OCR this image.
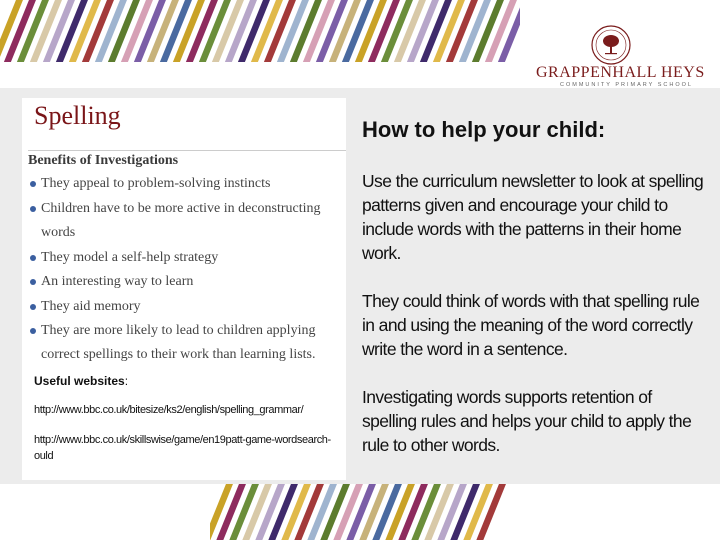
GRAPPENHALL HEYS
COMMUNITY PRIMARY SCHOOL
Spelling
Benefits of Investigations
They appeal to problem-solving instincts
Children have to be more active in deconstructing words
They model a self-help strategy
An interesting way to learn
They aid memory
They are more likely to lead to children applying correct spellings to their work than learning lists.
Useful websites:
http://www.bbc.co.uk/bitesize/ks2/english/spelling_grammar/
http://www.bbc.co.uk/skillswise/game/en19patt-game-wordsearch-ould
How to help your child:

Use the curriculum newsletter to look at spelling patterns given and encourage your child to include words with the patterns in their home work.

They could think of words with that spelling rule in and using the meaning of the word correctly write the word in a sentence.

Investigating words supports retention of spelling rules and helps your child to apply the rule to other words.
